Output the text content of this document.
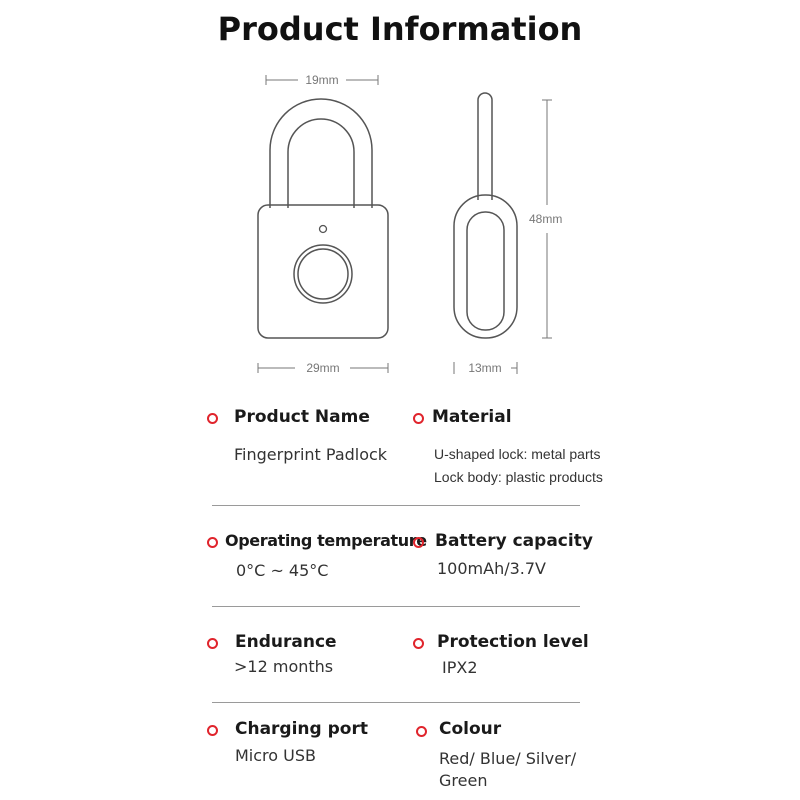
Product Information
19mm
29mm	13mm
48mm
Product Name
Fingerprint Padlock
Material
U-shaped lock: metal parts
Lock body: plastic products
Operating temperature
0°C ~ 45°C
Battery capacity
100mAh/3.7V
Endurance
>12 months
Protection level
IPX2
Charging port
Micro USB
Colour
Red/ Blue/ Silver/ Green
